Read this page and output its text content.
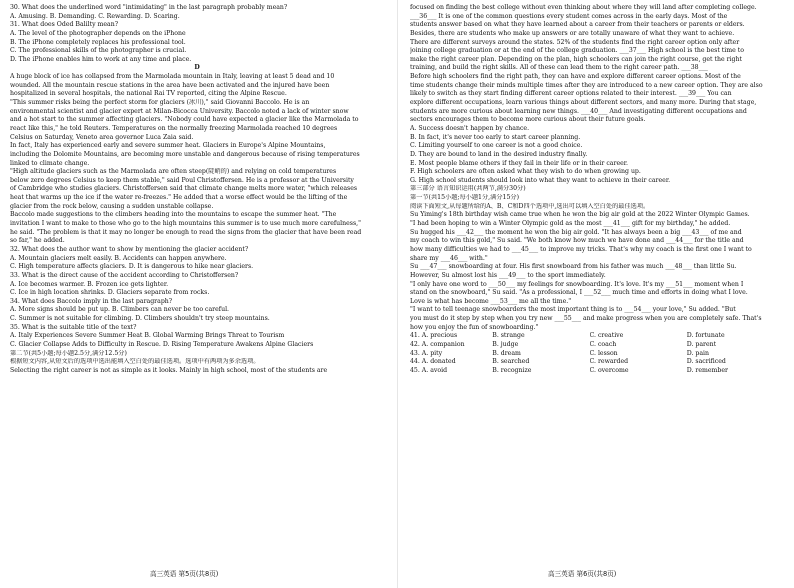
30. What does the underlined word "intimidating" in the last paragraph probably mean?
A. Amusing. B. Demanding. C. Rewarding. D. Scaring.
31. What does Oded Balilty mean?
A. The level of the photographer depends on the iPhone
B. The iPhone completely replaces his professional tool.
C. The professional skills of the photographer is crucial.
D. The iPhone enables him to work at any time and place.
D
A huge block of ice has collapsed from the Marmolada mountain in Italy, leaving at least 5 dead and 10
wounded. All the mountain rescue stations in the area have been activated and the injured have been
hospitalized in several hospitals, the national Rai TV reported, citing the Alpine Rescue.
"This summer risks being the perfect storm for glaciers (冰川)," said Giovanni Baccolo. He is an
environmental scientist and glacier expert at Milan-Bicocca University. Baccolo noted a lack of winter snow
and a hot start to the summer affecting glaciers. "Nobody could have expected a glacier like the Marmolada to
react like this," he told Reuters. Temperatures on the normally freezing Marmolada reached 10 degrees
Celsius on Saturday, Veneto area governor Luca Zaia said.
In fact, Italy has experienced early and severe summer heat. Glaciers in Europe's Alpine Mountains,
including the Dolomite Mountains, are becoming more unstable and dangerous because of rising temperatures
linked to climate change.
"High altitude glaciers such as the Marmolada are often steep(陡峭的) and relying on cold temperatures
below zero degrees Celsius to keep them stable," said Poul Christoffersen. He is a professor at the University
of Cambridge who studies glaciers. Christoffersen said that climate change melts more water, "which releases
heat that warms up the ice if the water re-freezes." He added that a worse effect would be the lifting of the
glacier from the rock below, causing a sudden unstable collapse.
Baccolo made suggestions to the climbers heading into the mountains to escape the summer heat. "The
invitation I want to make to those who go to the high mountains this summer is to use much more carefulness,"
he said. "The problem is that it may no longer be enough to read the signs from the glacier that have been read
so far," he added.
32. What does the author want to show by mentioning the glacier accident?
A. Mountain glaciers melt easily. B. Accidents can happen anywhere.
C. High temperature affects glaciers. D. It is dangerous to hike near glaciers.
33. What is the direct cause of the accident according to Christoffersen?
A. Ice becomes warmer. B. Frozen ice gets lighter.
C. Ice in high location shrinks. D. Glaciers separate from rocks.
34. What does Baccolo imply in the last paragraph?
A. More signs should be put up. B. Climbers can never be too careful.
C. Summer is not suitable for climbing. D. Climbers shouldn't try steep mountains.
35. What is the suitable title of the text?
A. Italy Experiences Severe Summer Heat B. Global Warming Brings Threat to Tourism
C. Glacier Collapse Adds to Difficulty in Rescue. D. Rising Temperature Awakens Alpine Glaciers
第二节(共5小题;每小题2.5分,满分12.5分)
根据短文内容,从短文后的选项中选出能填入空白处的最佳选项。选项中有两项为多余选项。
Selecting the right career is not as simple as it looks. Mainly in high school, most of the students are
focused on finding the best college without even thinking about where they will land after completing college.
___36___ It is one of the common questions every student comes across in the early days. Most of the
students answer based on what they have learned about a career from their teachers or parents or elders.
Besides, there are students who make up answers or are totally unaware of what they want to achieve.
There are different surveys around the states. 52% of the students find the right career option only after
joining college graduation or at the end of the college graduation. ___37___ High school is the best time to
make the right career plan. Depending on the plan, high schoolers can join the right course, get the right
training, and build the right skills. All of these can lead them to the right career path. ___38___
Before high schoolers find the right path, they can have and explore different career options. Most of the
time students change their minds multiple times after they are introduced to a new career option. They are also
likely to switch as they start finding different career options related to their interest. ___39___ You can
explore different occupations, learn various things about different sectors, and many more. During that stage,
students are more curious about learning new things. ___40___ And investigating different occupations and
sectors encourages them to become more curious about their future goals.
A. Success doesn't happen by chance.
B. In fact, it's never too early to start career planning.
C. Limiting yourself to one career is not a good choice.
D. They are bound to land in the desired industry finally.
E. Most people blame others if they fail in their life or in their career.
F. High schoolers are often asked what they wish to do when growing up.
G. High school students should look into what they want to achieve in their career.
第三部分 语言知识运用(共两节,满分30分)
第一节(共15小题;每小题1分,满分15分)
阅读下面短文,从每题所给的A、B、C和D四个选项中,选出可以填入空白处的最佳选项。
Su Yiming's 18th birthday wish came true when he won the big air gold at the 2022 Winter Olympic Games.
"I had been hoping to win a Winter Olympic gold as the most ___41___ gift for my birthday," he added.
Su hugged his ___42___ the moment he won the big air gold. "It has always been a big ___43___ of me and
my coach to win this gold," Su said. "We both know how much we have done and ___44___ for the title and
how many difficulties we had to ___45___ to improve my tricks. That's why my coach is the first one I want to
share my ___46___ with."
Su ___47___ snowboarding at four. His first snowboard from his father was much ___48___ than little Su.
However, Su almost lost his ___49___ to the sport immediately.
"I only have one word to ___50___ my feelings for snowboarding. It's love. It's my ___51___ moment when I
stand on the snowboard," Su said. "As a professional, I ___52___ much time and efforts in doing what I love.
Love is what has become ___53___ me all the time."
"I want to tell teenage snowboarders the most important thing is to ___54___ your love," Su added. "But
you must do it step by step when you try new ___55___ and make progress when you are completely safe. That's
how you enjoy the fun of snowboarding."
41. A. precious	B. strange	C. creative	D. fortunate
42. A. companion	B. judge	C. coach	D. parent
43. A. pity	B. dream	C. lesson	D. pain
44. A. donated	B. searched	C. rewarded	D. sacrificed
45. A. avoid	B. recognize	C. overcome	D. remember
高三英语 第5页(共8页)	高三英语 第6页(共8页)
